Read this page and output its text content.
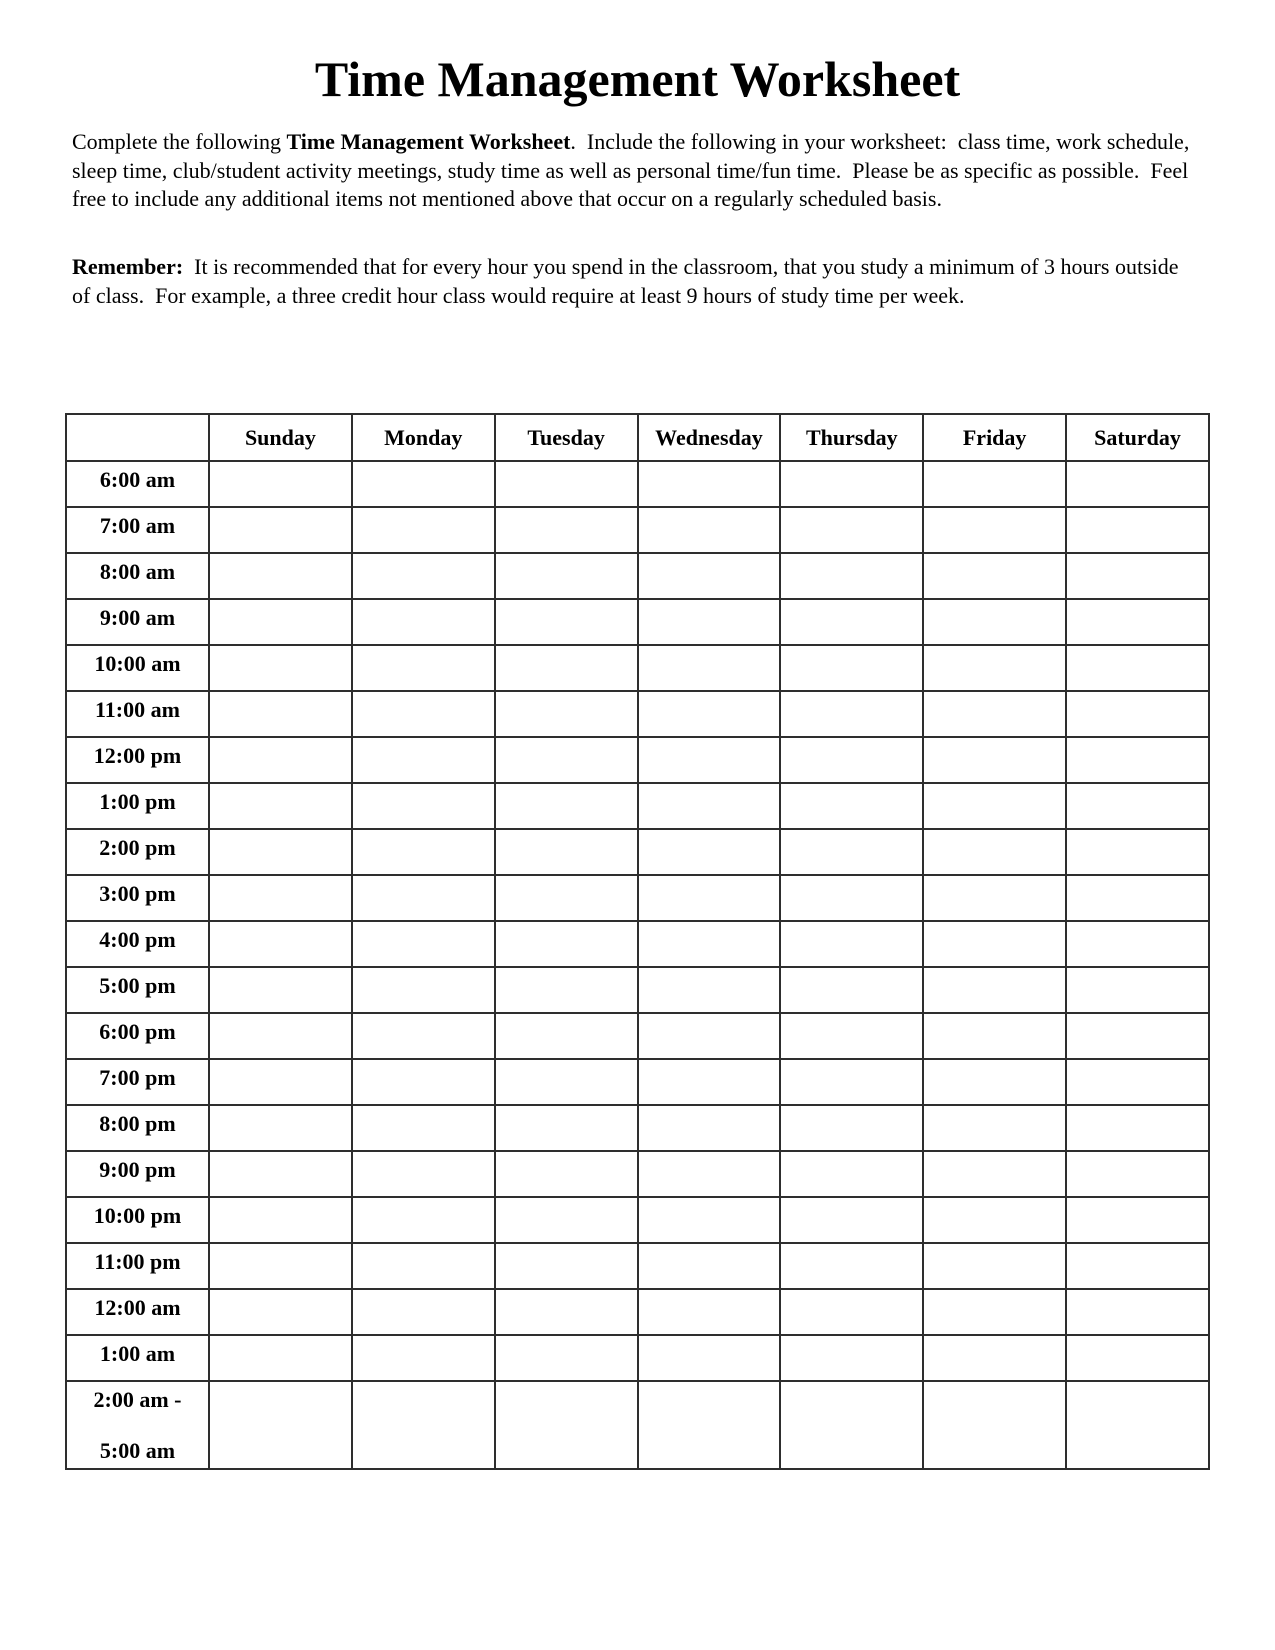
Time Management Worksheet

Complete the following Time Management Worksheet.  Include the following in your worksheet:  class time, work schedule, sleep time, club/student activity meetings, study time as well as personal time/fun time.  Please be as specific as possible.  Feel free to include any additional items not mentioned above that occur on a regularly scheduled basis.

Remember:  It is recommended that for every hour you spend in the classroom, that you study a minimum of 3 hours outside of class.  For example, a three credit hour class would require at least 9 hours of study time per week.

	Sunday	Monday	Tuesday	Wednesday	Thursday	Friday	Saturday
6:00 am							
7:00 am							
8:00 am							
9:00 am							
10:00 am							
11:00 am							
12:00 pm							
1:00 pm							
2:00 pm							
3:00 pm							
4:00 pm							
5:00 pm							
6:00 pm							
7:00 pm							
8:00 pm							
9:00 pm							
10:00 pm							
11:00 pm							
12:00 am							
1:00 am							

2:00 am -
5:00 am							
